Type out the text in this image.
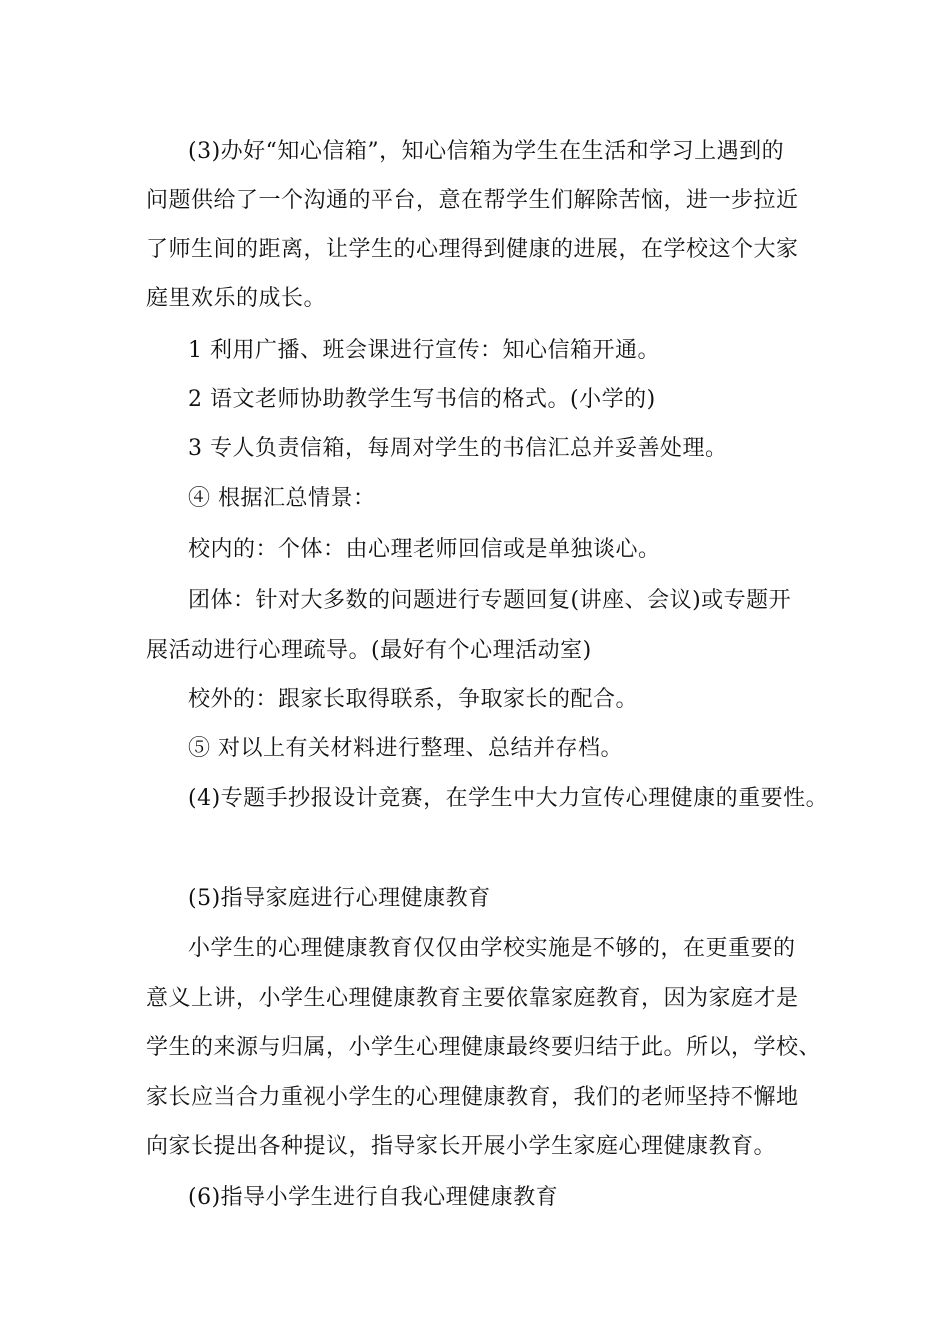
(3)办好“知心信箱”，知心信箱为学生在生活和学习上遇到的
问题供给了一个沟通的平台，意在帮学生们解除苦恼，进一步拉近
了师生间的距离，让学生的心理得到健康的进展，在学校这个大家
庭里欢乐的成长。
1 利用广播、班会课进行宣传：知心信箱开通。
2 语文老师协助教学生写书信的格式。(小学的)
3 专人负责信箱，每周对学生的书信汇总并妥善处理。
④ 根据汇总情景：
校内的：个体：由心理老师回信或是单独谈心。
团体：针对大多数的问题进行专题回复(讲座、会议)或专题开
展活动进行心理疏导。(最好有个心理活动室)
校外的：跟家长取得联系，争取家长的配合。
⑤ 对以上有关材料进行整理、总结并存档。
(4)专题手抄报设计竞赛，在学生中大力宣传心理健康的重要性。
(5)指导家庭进行心理健康教育
小学生的心理健康教育仅仅由学校实施是不够的，在更重要的
意义上讲，小学生心理健康教育主要依靠家庭教育，因为家庭才是
学生的来源与归属，小学生心理健康最终要归结于此。所以，学校、
家长应当合力重视小学生的心理健康教育，我们的老师坚持不懈地
向家长提出各种提议，指导家长开展小学生家庭心理健康教育。
(6)指导小学生进行自我心理健康教育
